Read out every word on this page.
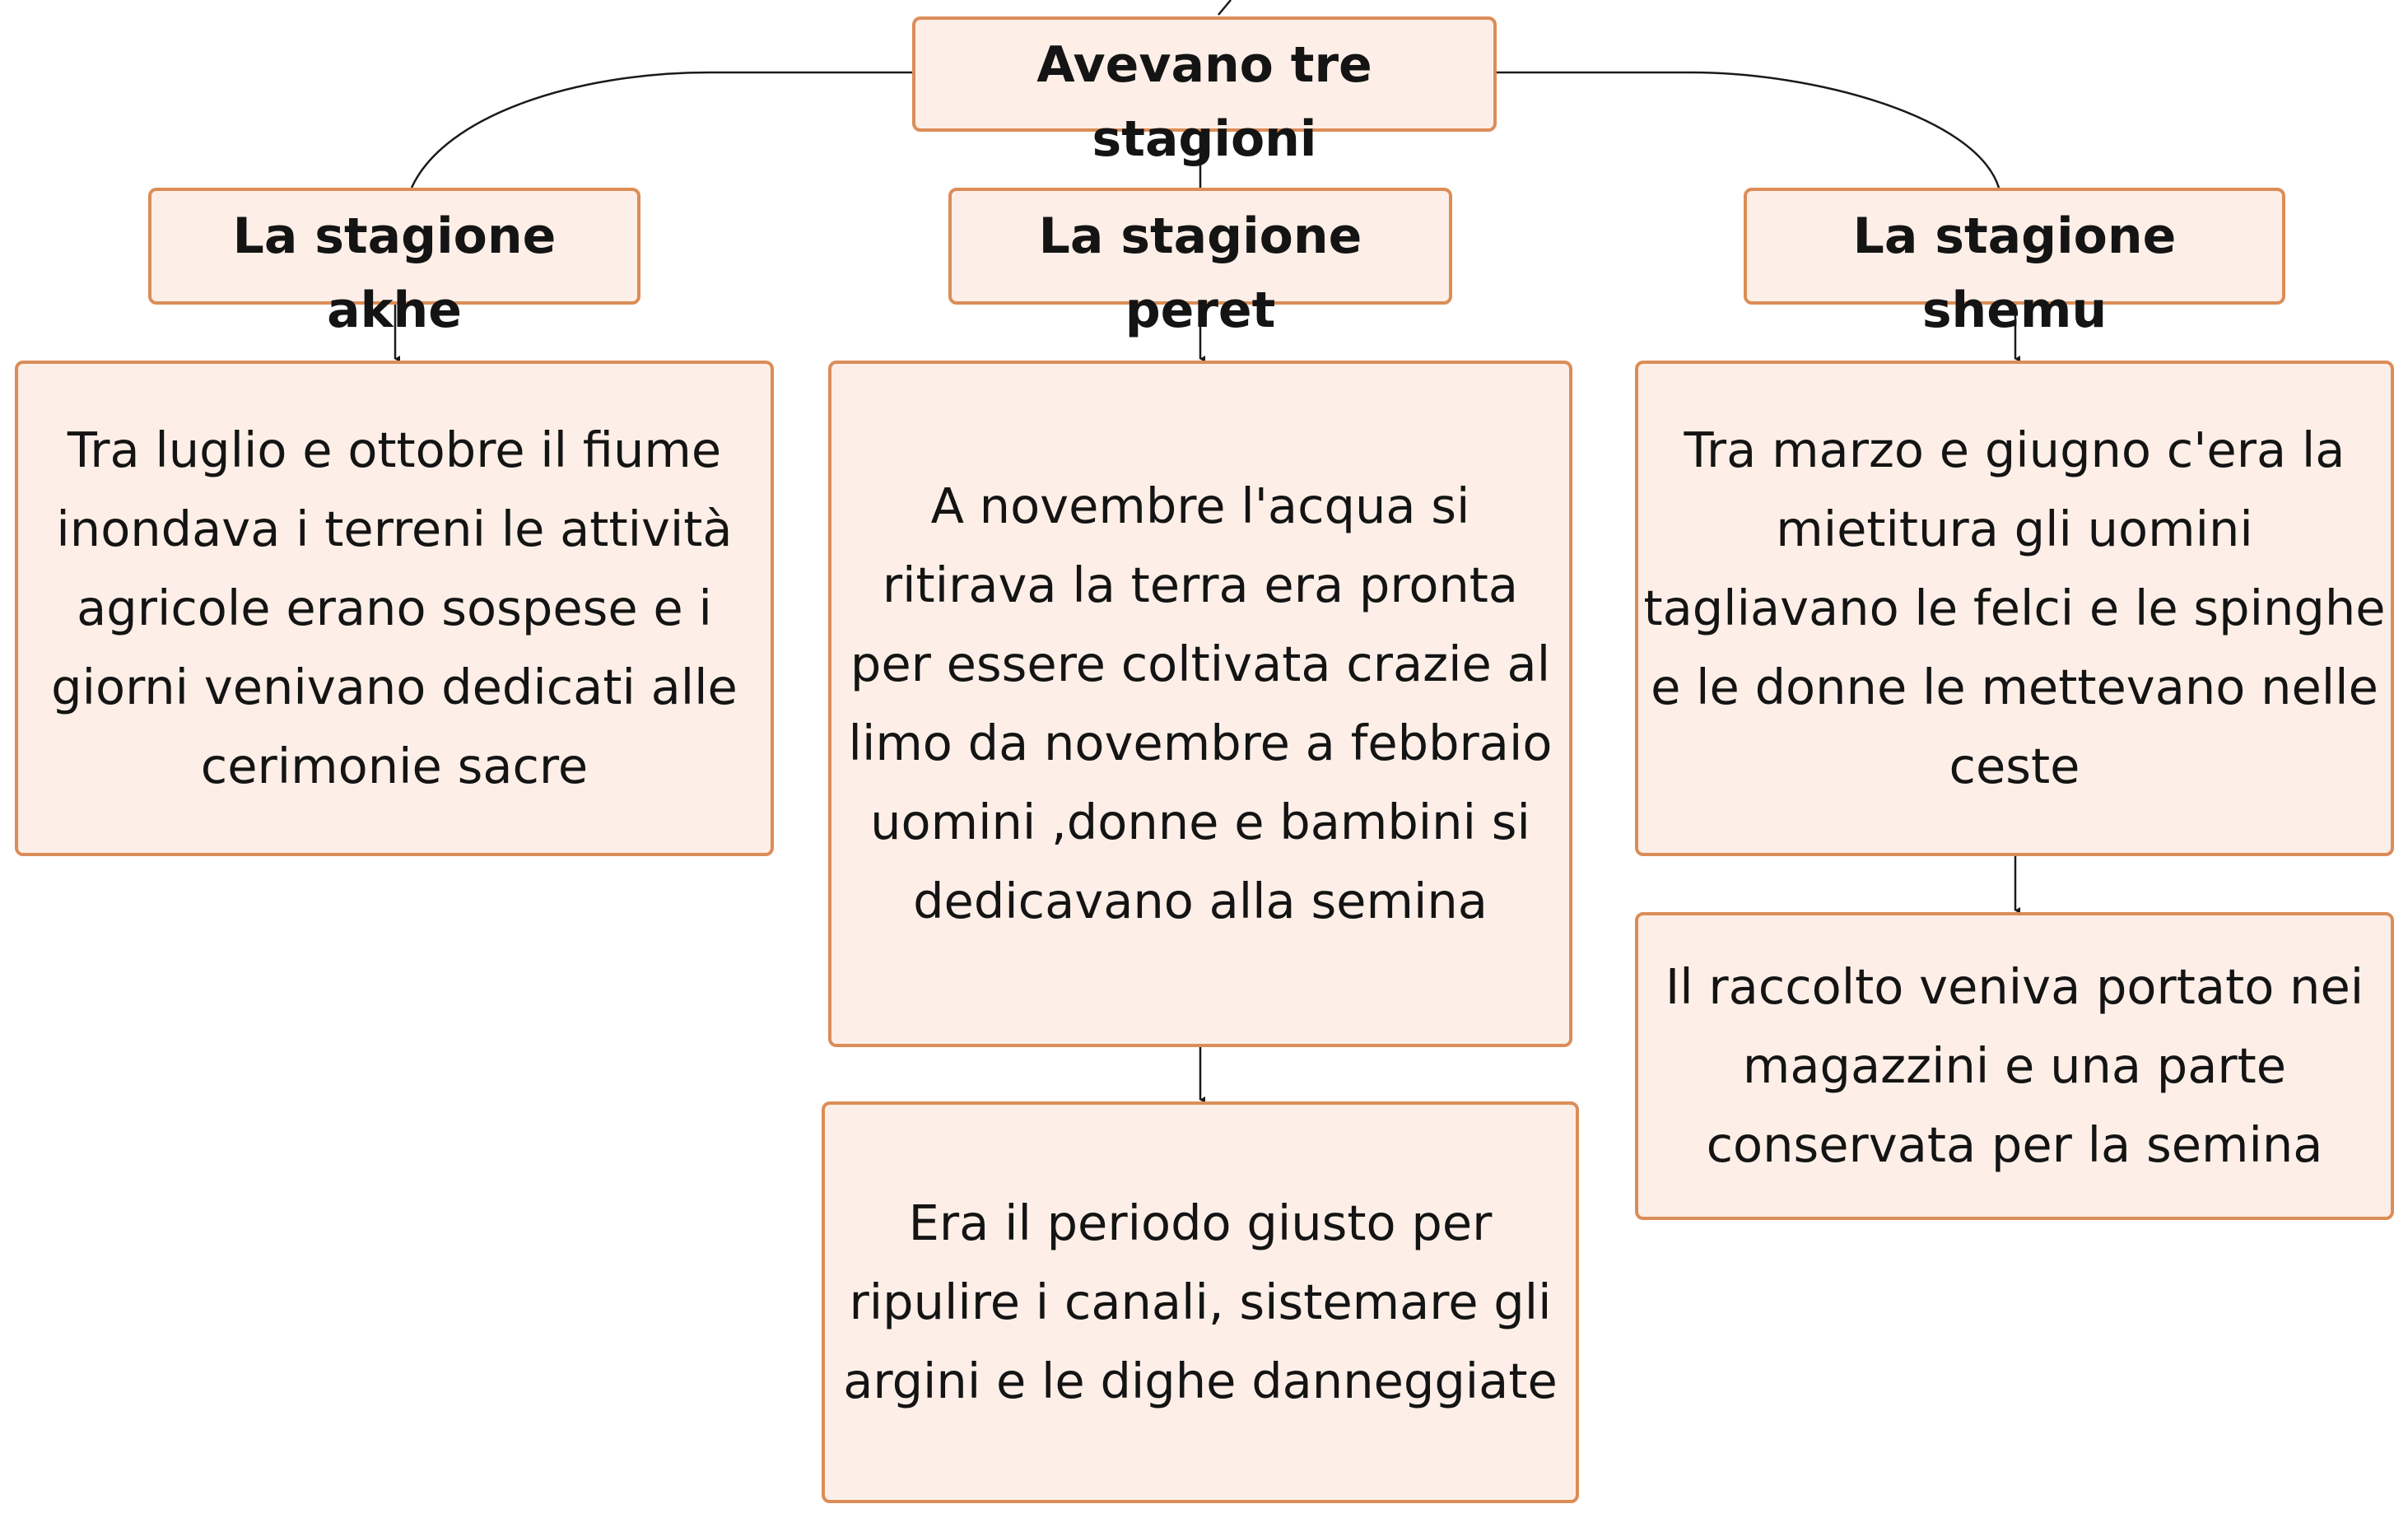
Avevano tre stagioni
La stagione akhe
La stagione peret
La stagione shemu
Tra luglio e ottobre il fiume inondava i terreni le attività agricole erano sospese e i giorni venivano dedicati alle cerimonie sacre
A novembre l'acqua si ritirava la terra era pronta per essere coltivata crazie al limo da novembre a febbraio uomini ,donne e bambini si dedicavano alla semina
Tra marzo e giugno c'era la mietitura gli uomini tagliavano le felci e le spinghe e le donne le mettevano nelle ceste
Era il periodo giusto per ripulire i canali, sistemare gli argini e le dighe danneggiate
Il raccolto veniva portato nei magazzini e una parte conservata per la semina
